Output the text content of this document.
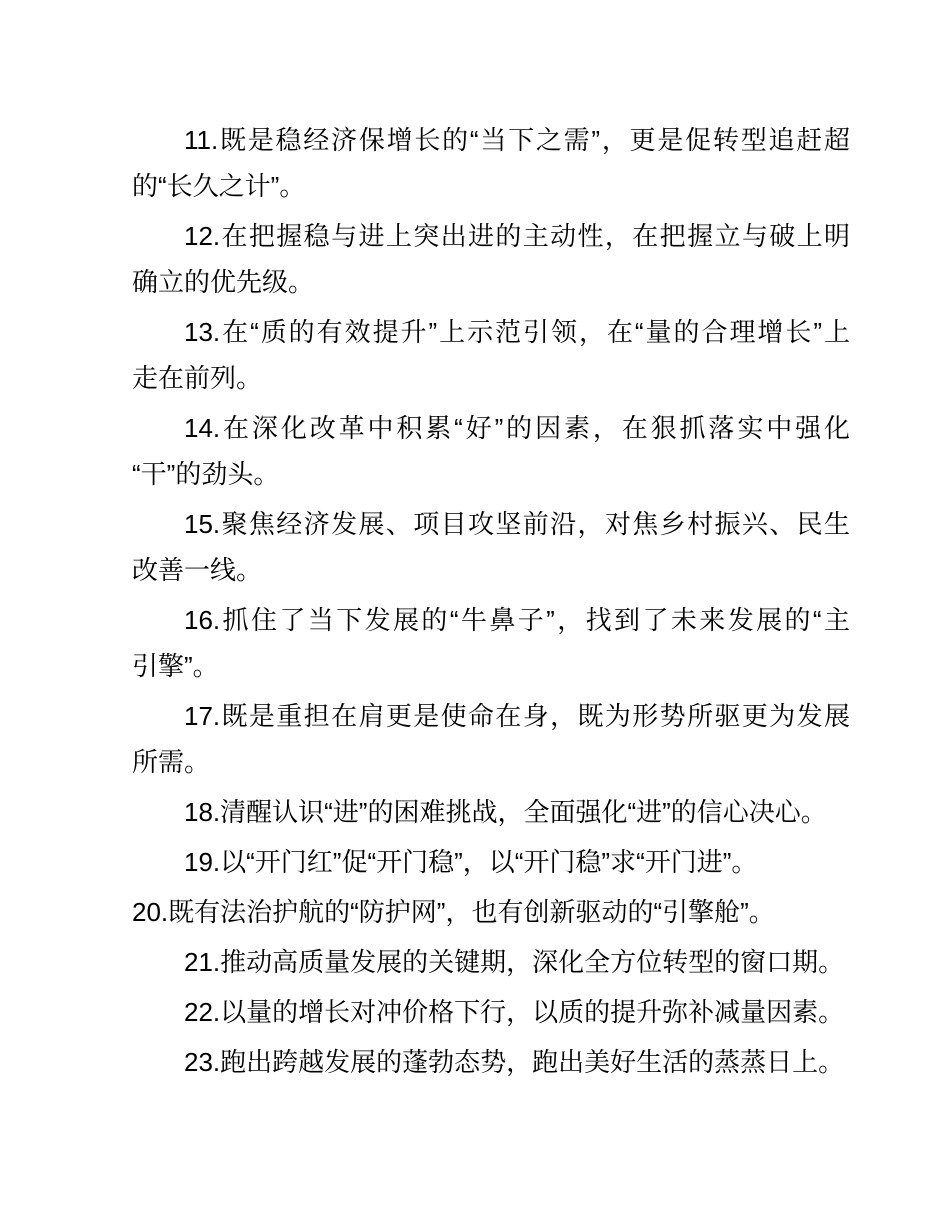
11.既是稳经济保增长的“当下之需”，更是促转型追赶超
的“长久之计”。

12.在把握稳与进上突出进的主动性，在把握立与破上明
确立的优先级。

13.在“质的有效提升”上示范引领，在“量的合理增长”上
走在前列。

14.在深化改革中积累“好”的因素，在狠抓落实中强化
“干”的劲头。

15.聚焦经济发展、项目攻坚前沿，对焦乡村振兴、民生
改善一线。

16.抓住了当下发展的“牛鼻子”，找到了未来发展的“主
引擎”。

17.既是重担在肩更是使命在身，既为形势所驱更为发展
所需。

18.清醒认识“进”的困难挑战，全面强化“进”的信心决心。

19.以“开门红”促“开门稳”，以“开门稳”求“开门进”。

20.既有法治护航的“防护网”，也有创新驱动的“引擎舱”。

21.推动高质量发展的关键期，深化全方位转型的窗口期。

22.以量的增长对冲价格下行，以质的提升弥补减量因素。

23.跑出跨越发展的蓬勃态势，跑出美好生活的蒸蒸日上。
